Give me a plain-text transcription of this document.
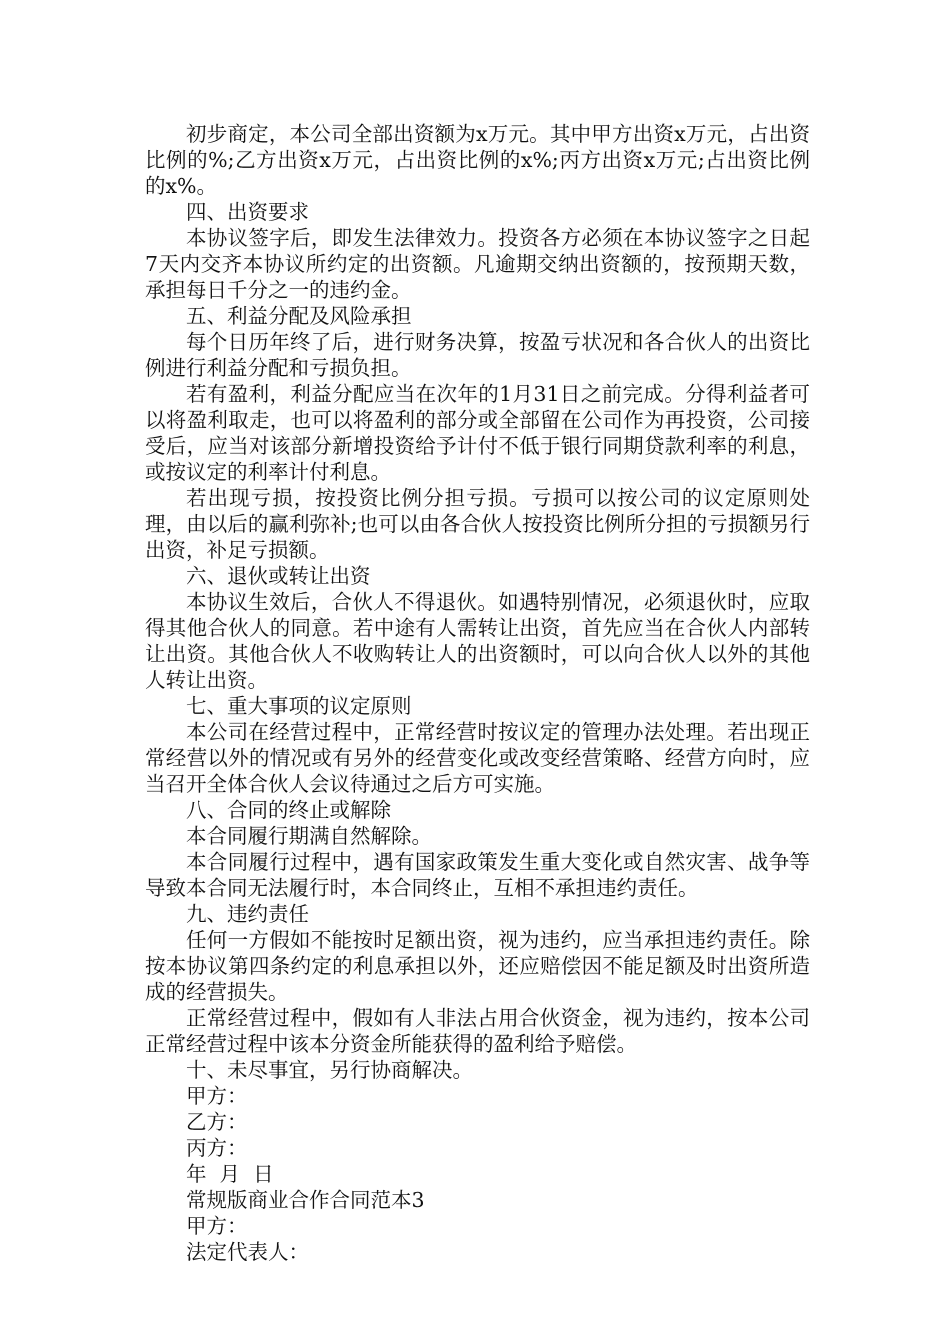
初步商定，本公司全部出资额为x万元。其中甲方出资x万元，占出资比例的%;乙方出资x万元，占出资比例的x%;丙方出资x万元;占出资比例的x%。

四、出资要求

本协议签字后，即发生法律效力。投资各方必须在本协议签字之日起7天内交齐本协议所约定的出资额。凡逾期交纳出资额的，按预期天数，承担每日千分之一的违约金。

五、利益分配及风险承担

每个日历年终了后，进行财务决算，按盈亏状况和各合伙人的出资比例进行利益分配和亏损负担。

若有盈利，利益分配应当在次年的1月31日之前完成。分得利益者可以将盈利取走，也可以将盈利的部分或全部留在公司作为再投资，公司接受后，应当对该部分新增投资给予计付不低于银行同期贷款利率的利息，或按议定的利率计付利息。

若出现亏损，按投资比例分担亏损。亏损可以按公司的议定原则处理，由以后的赢利弥补;也可以由各合伙人按投资比例所分担的亏损额另行出资，补足亏损额。

六、退伙或转让出资

本协议生效后，合伙人不得退伙。如遇特别情况，必须退伙时，应取得其他合伙人的同意。若中途有人需转让出资，首先应当在合伙人内部转让出资。其他合伙人不收购转让人的出资额时，可以向合伙人以外的其他人转让出资。

七、重大事项的议定原则

本公司在经营过程中，正常经营时按议定的管理办法处理。若出现正常经营以外的情况或有另外的经营变化或改变经营策略、经营方向时，应当召开全体合伙人会议待通过之后方可实施。

八、合同的终止或解除

本合同履行期满自然解除。

本合同履行过程中，遇有国家政策发生重大变化或自然灾害、战争等导致本合同无法履行时，本合同终止，互相不承担违约责任。

九、违约责任

任何一方假如不能按时足额出资，视为违约，应当承担违约责任。除按本协议第四条约定的利息承担以外，还应赔偿因不能足额及时出资所造成的经营损失。

正常经营过程中，假如有人非法占用合伙资金，视为违约，按本公司正常经营过程中该本分资金所能获得的盈利给予赔偿。

十、未尽事宜，另行协商解决。

甲方：

乙方：

丙方：

年  月  日

常规版商业合作合同范本3

甲方：

法定代表人：
